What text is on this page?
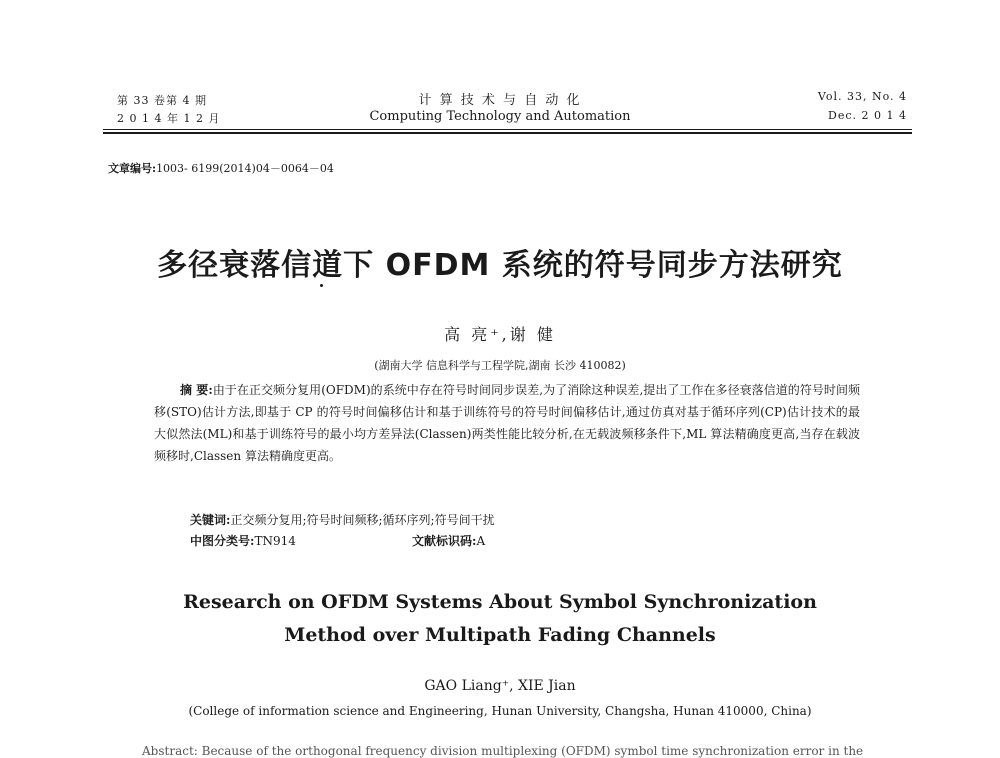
第 33 卷第 4 期
2 0 1 4 年 1 2 月
计 算 技 术 与 自 动 化
Computing Technology and Automation
Vol. 33, No. 4
Dec. 2 0 1 4
文章编号:1003- 6199(2014)04－0064－04
多径衰落信道下 OFDM 系统的符号同步方法研究
高 亮⁺,谢 健
(湖南大学 信息科学与工程学院,湖南 长沙 410082)
摘 要:由于在正交频分复用(OFDM)的系统中存在符号时间同步误差,为了消除这种误差,提出了工作在多径衰落信道的符号时间频移(STO)估计方法,即基于 CP 的符号时间偏移估计和基于训练符号的符号时间偏移估计,通过仿真对基于循环序列(CP)估计技术的最大似然法(ML)和基于训练符号的最小均方差异法(Classen)两类性能比较分析,在无载波频移条件下,ML 算法精确度更高,当存在载波频移时,Classen 算法精确度更高。
关键词:正交频分复用;符号时间频移;循环序列;符号间干扰
中图分类号:TN914	文献标识码:A
Research on OFDM Systems About Symbol Synchronization
Method over Multipath Fading Channels
GAO Liang⁺, XIE Jian
(College of information science and Engineering, Hunan University, Changsha, Hunan 410000, China)
Abstract: Because of the orthogonal frequency division multiplexing (OFDM) symbol time synchronization error in the
